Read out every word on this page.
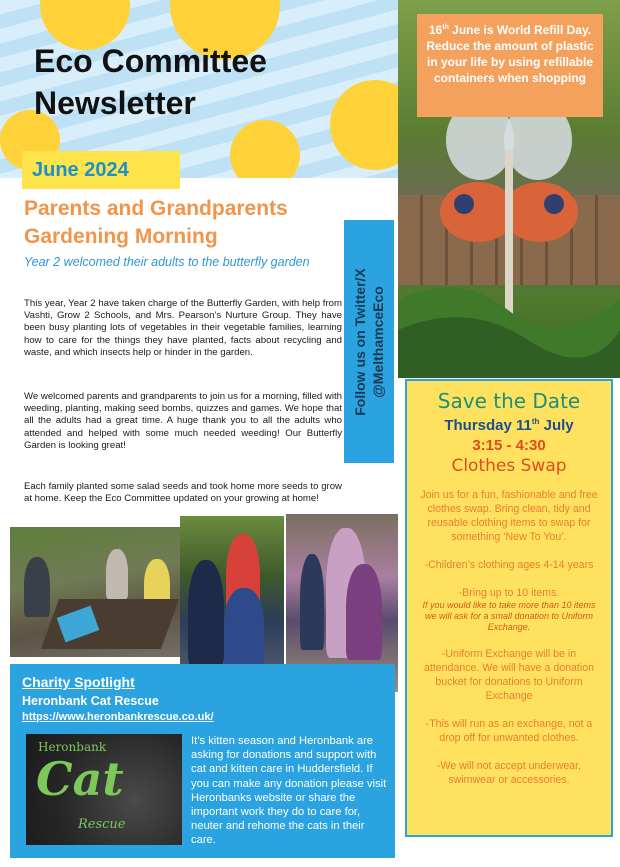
Eco Committee
Newsletter
June 2024
Parents and Grandparents Gardening Morning
Year 2 welcomed their adults to the butterfly garden

This year, Year 2 have taken charge of the Butterfly Garden, with help from Vashti, Grow 2 Schools, and Mrs. Pearson’s Nurture Group. They have been busy planting lots of vegetables in their vegetable families, learning how to care for the things they have planted, facts about recycling and waste, and which insects help or hinder in the garden.

We welcomed parents and grandparents to join us for a morning, filled with weeding, planting, making seed bombs, quizzes and games. We hope that all the adults had a great time. A huge thank you to all the adults who attended and helped with some much needed weeding! Our Butterfly Garden is looking great!

Each family planted some salad seeds and took home more seeds to grow at home. Keep the Eco Committee updated on your growing at home!

Follow us on Twitter/X @MelthamceEco
16th June is World Refill Day. Reduce the amount of plastic in your life by using refillable containers when shopping
Save the Date
Thursday 11th July
3:15 - 4:30
Clothes Swap
Join us for a fun, fashionable and free clothes swap. Bring clean, tidy and reusable clothing items to swap for something ‘New To You’.
-Children’s clothing ages 4-14 years
-Bring up to 10 items.
If you would like to take more than 10 items we will ask for a small donation to Uniform Exchange.
-Uniform Exchange will be in attendance. We will have a donation bucket for donations to Uniform Exchange
-This will run as an exchange, not a drop off for unwanted clothes.
-We will not accept underwear, swimwear or accessories.
Charity Spotlight
Heronbank Cat Rescue
https://www.heronbankrescue.co.uk/
Heronbank
Cat
Rescue
It’s kitten season and Heronbank are asking for donations and support with cat and kitten care in Huddersfield. If you can make any donation please visit Heronbanks website or share the important work they do to care for, neuter and rehome the cats in their care.
